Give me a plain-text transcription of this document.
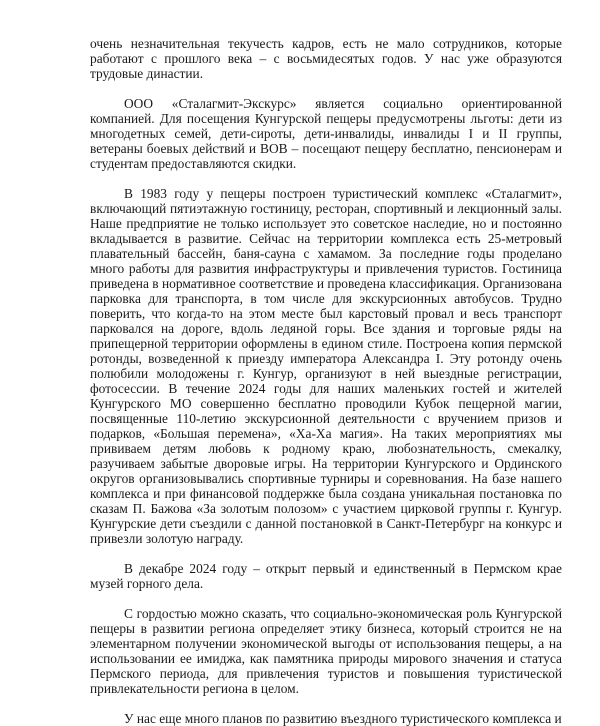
очень незначительная текучесть кадров, есть не мало сотрудников, которые работают с прошлого века – с восьмидесятых годов. У нас уже образуются трудовые династии.

ООО «Сталагмит-Экскурс» является социально ориентированной компанией. Для посещения Кунгурской пещеры предусмотрены льготы: дети из многодетных семей, дети-сироты, дети-инвалиды, инвалиды I и II группы, ветераны боевых действий и ВОВ – посещают пещеру бесплатно, пенсионерам и студентам предоставляются скидки.

В 1983 году у пещеры построен туристический комплекс «Сталагмит», включающий пятиэтажную гостиницу, ресторан, спортивный и лекционный залы. Наше предприятие не только использует это советское наследие, но и постоянно вкладывается в развитие. Сейчас на территории комплекса есть 25-метровый плавательный бассейн, баня-сауна с хамамом. За последние годы проделано много работы для развития инфраструктуры и привлечения туристов. Гостиница приведена в нормативное соответствие и проведена классификация. Организована парковка для транспорта, в том числе для экскурсионных автобусов. Трудно поверить, что когда-то на этом месте был карстовый провал и весь транспорт парковался на дороге, вдоль ледяной горы. Все здания и торговые ряды на припещерной территории оформлены в едином стиле. Построена копия пермской ротонды, возведенной к приезду императора Александра I. Эту ротонду очень полюбили молодожены г. Кунгур, организуют в ней выездные регистрации, фотосессии. В течение 2024 годы для наших маленьких гостей и жителей Кунгурского МО совершенно бесплатно проводили Кубок пещерной магии, посвященные 110-летию экскурсионной деятельности с вручением призов и подарков, «Большая перемена», «Ха-Ха магия». На таких мероприятиях мы прививаем детям любовь к родному краю, любознательность, смекалку, разучиваем забытые дворовые игры. На территории Кунгурского и Ординского округов организовывались спортивные турниры и соревнования. На базе нашего комплекса и при финансовой поддержке была создана уникальная постановка по сказам П. Бажова «За золотым полозом» с участием цирковой группы г. Кунгур. Кунгурские дети съездили с данной постановкой в Санкт-Петербург на конкурс и привезли золотую награду.

В декабре 2024 году – открыт первый и единственный в Пермском крае музей горного дела.

С гордостью можно сказать, что социально-экономическая роль Кунгурской пещеры в развитии региона определяет этику бизнеса, который строится не на элементарном получении экономической выгоды от использования пещеры, а на использовании ее имиджа, как памятника природы мирового значения и статуса Пермского периода, для привлечения туристов и повышения туристической привлекательности региона в целом.

У нас еще много планов по развитию въездного туристического комплекса и
